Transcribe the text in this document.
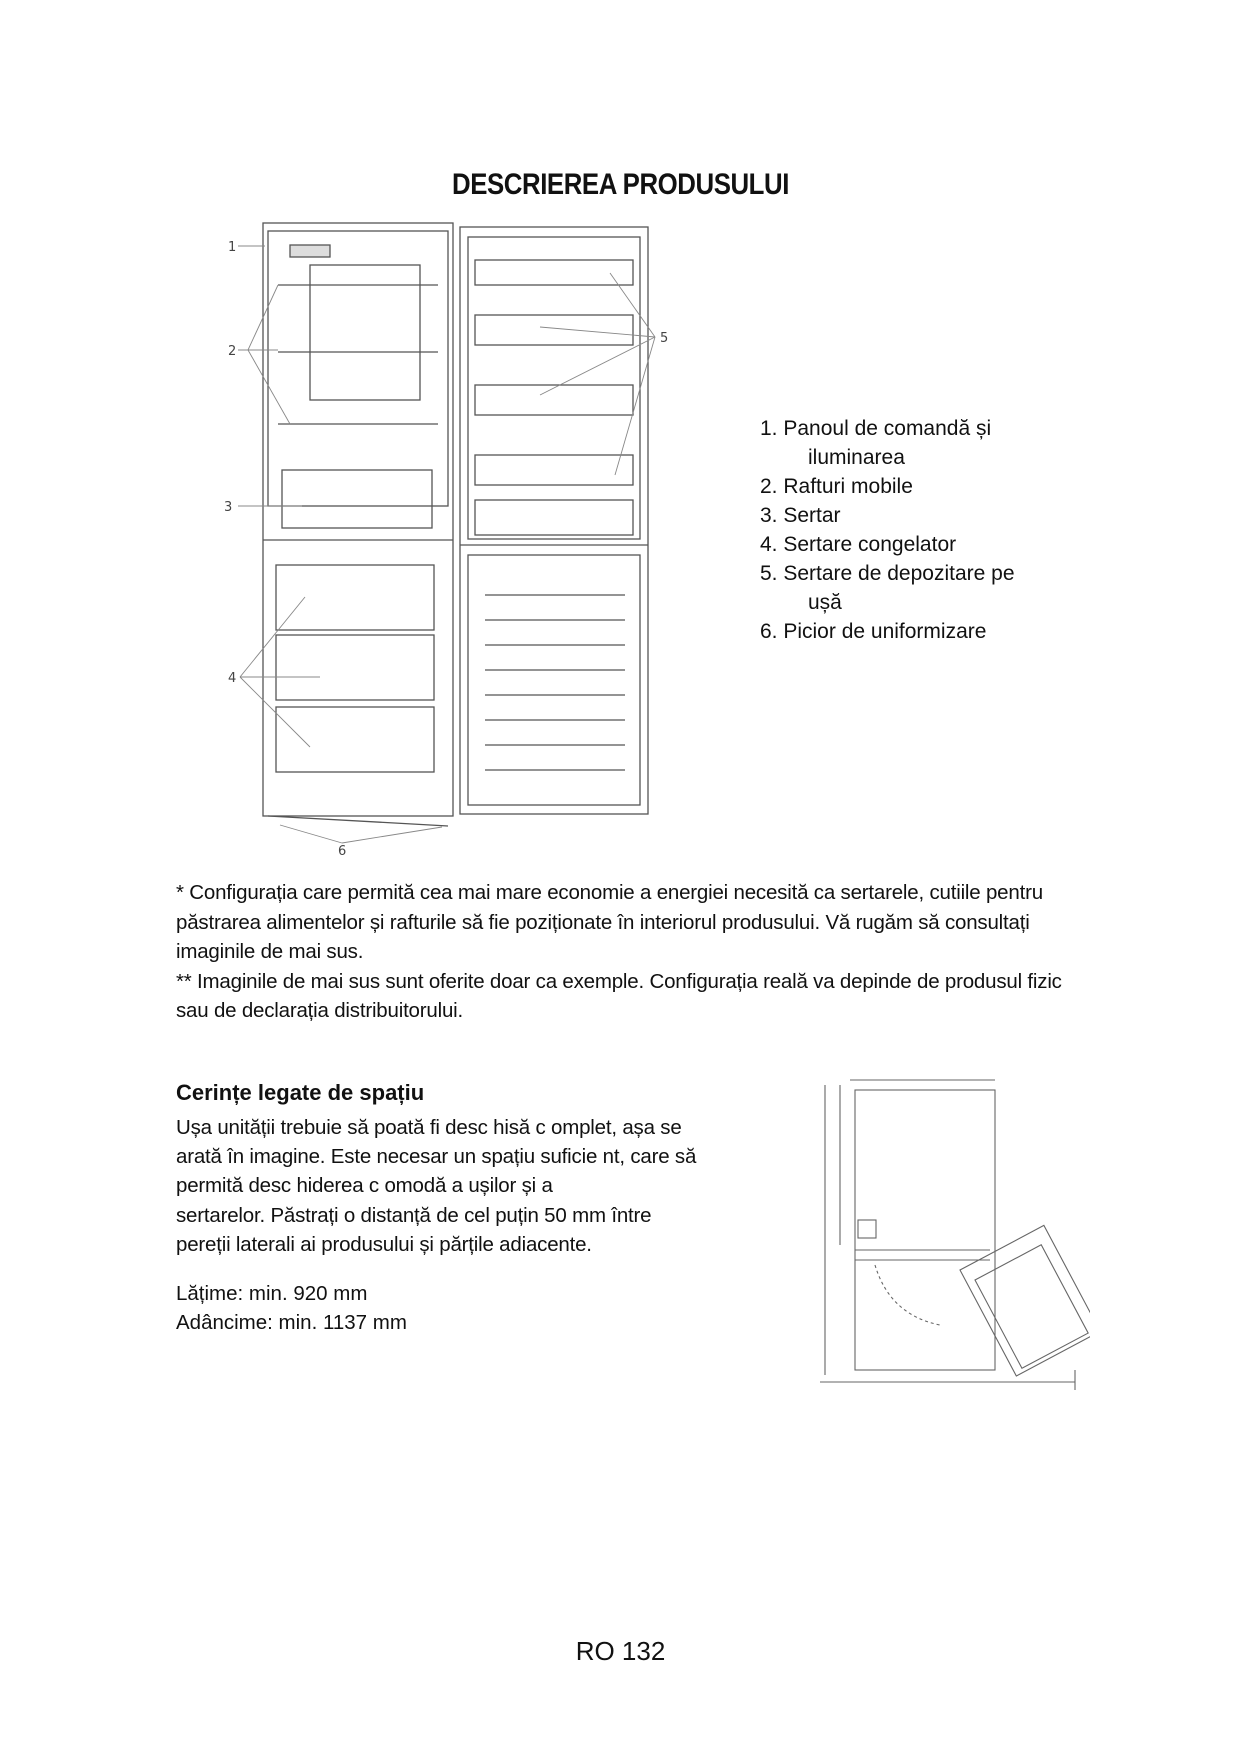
DESCRIEREA PRODUSULUI
1
2
3
4
5
6
1. Panoul de comandă și
iluminarea
2. Rafturi mobile
3. Sertar
4. Sertare congelator
5. Sertare de depozitare pe
ușă
6. Picior de uniformizare

* Configurația care permită cea mai mare economie a energiei necesită ca sertarele, cutiile pentru

păstrarea alimentelor și rafturile să fie poziționate în interiorul produsului. Vă rugăm să consultați

imaginile de mai sus.

** Imaginile de mai sus sunt oferite doar ca exemple. Configurația reală va depinde de produsul fizic

sau de declarația distribuitorului.

Cerințe legate de spațiu

Ușa unității trebuie să poată fi desc hisă c omplet, așa se

arată în imagine. Este necesar un spațiu suficie nt, care să

permită desc hiderea c omodă a ușilor și a

sertarelor. Păstrați o distanță de cel puțin 50 mm între

pereții laterali ai produsului și părțile adiacente.

Lățime: min. 920 mm

Adâncime: min. 1137 mm

RO 132
